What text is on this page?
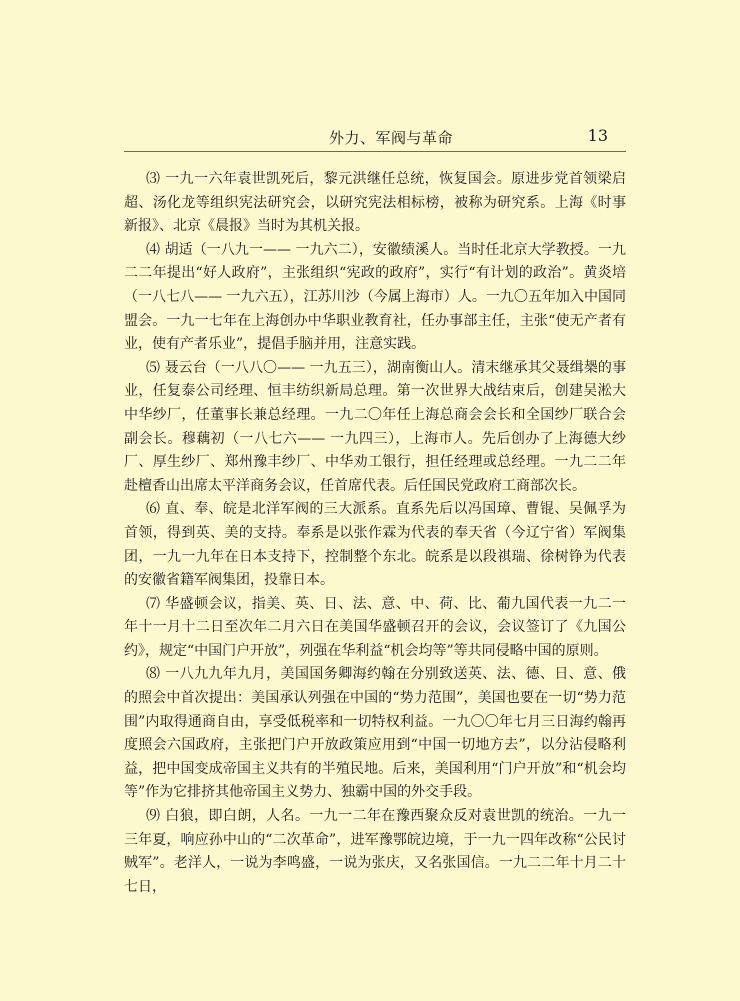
外力、军阀与革命	13

⑶ 一九一六年袁世凯死后，黎元洪继任总统，恢复国会。原进步党首领梁启超、汤化龙等组织宪法研究会，以研究宪法相标榜，被称为研究系。上海《时事新报》、北京《晨报》当时为其机关报。

⑷ 胡适（一八九一—— 一九六二），安徽绩溪人。当时任北京大学教授。一九二二年提出“好人政府”，主张组织“宪政的政府”，实行“有计划的政治”。黄炎培（一八七八—— 一九六五），江苏川沙（今属上海市）人。一九〇五年加入中国同盟会。一九一七年在上海创办中华职业教育社，任办事部主任，主张“使无产者有业，使有产者乐业”，提倡手脑并用，注意实践。

⑸ 聂云台（一八八〇—— 一九五三），湖南衡山人。清末继承其父聂缉椝的事业，任复泰公司经理、恒丰纺织新局总理。第一次世界大战结束后，创建吴淞大中华纱厂，任董事长兼总经理。一九二〇年任上海总商会会长和全国纱厂联合会副会长。穆藕初（一八七六—— 一九四三），上海市人。先后创办了上海德大纱厂、厚生纱厂、郑州豫丰纱厂、中华劝工银行，担任经理或总经理。一九二二年赴檀香山出席太平洋商务会议，任首席代表。后任国民党政府工商部次长。

⑹ 直、奉、皖是北洋军阀的三大派系。直系先后以冯国璋、曹锟、吴佩孚为首领，得到英、美的支持。奉系是以张作霖为代表的奉天省（今辽宁省）军阀集团，一九一九年在日本支持下，控制整个东北。皖系是以段祺瑞、徐树铮为代表的安徽省籍军阀集团，投靠日本。

⑺ 华盛顿会议，指美、英、日、法、意、中、荷、比、葡九国代表一九二一年十一月十二日至次年二月六日在美国华盛顿召开的会议，会议签订了《九国公约》，规定“中国门户开放”，列强在华利益“机会均等”等共同侵略中国的原则。

⑻ 一八九九年九月，美国国务卿海约翰在分别致送英、法、德、日、意、俄的照会中首次提出：美国承认列强在中国的“势力范围”，美国也要在一切“势力范围”内取得通商自由，享受低税率和一切特权利益。一九〇〇年七月三日海约翰再度照会六国政府，主张把门户开放政策应用到“中国一切地方去”，以分沾侵略利益，把中国变成帝国主义共有的半殖民地。后来，美国利用“门户开放”和“机会均等”作为它排挤其他帝国主义势力、独霸中国的外交手段。

⑼ 白狼，即白朗，人名。一九一二年在豫西聚众反对袁世凯的统治。一九一三年夏，响应孙中山的“二次革命”，进军豫鄂皖边境，于一九一四年改称“公民讨贼军”。老洋人，一说为李鸣盛，一说为张庆，又名张国信。一九二二年十月二十七日，
